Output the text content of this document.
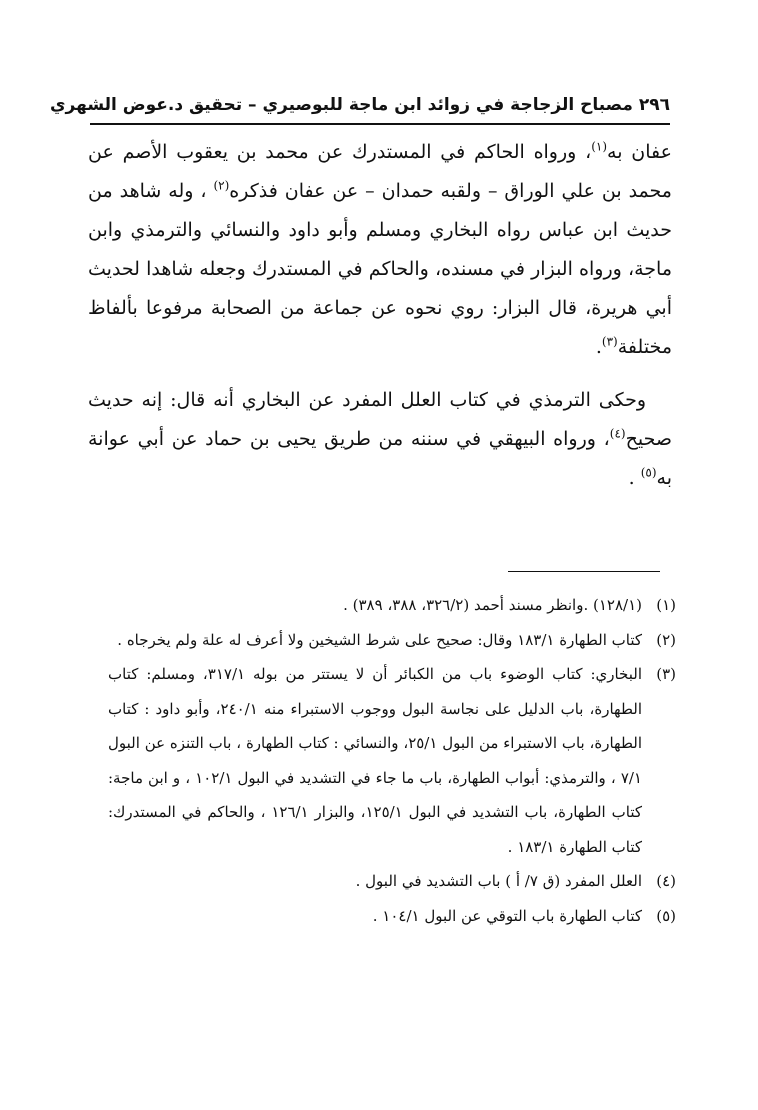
٢٩٦ مصباح الزجاجة في زوائد ابن ماجة للبوصيري – تحقيق د.عوض الشهري

عفان به$^{(١)}$، ورواه الحاكم في المستدرك عن محمد بن يعقوب الأصم عن محمد بن علي الوراق – ولقبه حمدان – عن عفان فذكره$^{(٢)}$ ، وله شاهد من حديث ابن عباس رواه البخاري ومسلم وأبو داود والنسائي والترمذي وابن ماجة، ورواه البزار في مسنده، والحاكم في المستدرك وجعله شاهدا لحديث أبي هريرة، قال البزار: روي نحوه عن جماعة من الصحابة مرفوعا بألفاظ مختلفة$^{(٣)}$.

وحكى الترمذي في كتاب العلل المفرد عن البخاري أنه قال: إنه حديث صحيح$^{(٤)}$، ورواه البيهقي في سننه من طريق يحيى بن حماد عن أبي عوانة به$^{(٥)}$ .

(١)
(١٢٨/١) .وانظر مسند أحمد (٣٢٦/٢، ٣٨٨، ٣٨٩) .
(٢)
كتاب الطهارة ١٨٣/١ وقال: صحيح على شرط الشيخين ولا أعرف له علة ولم يخرجاه .
(٣)
البخاري: كتاب الوضوء باب من الكبائر أن لا يستتر من بوله ٣١٧/١، ومسلم: كتاب الطهارة، باب الدليل على نجاسة البول ووجوب الاستبراء منه ٢٤٠/١، وأبو داود : كتاب الطهارة، باب الاستبراء من البول ٢٥/١، والنسائي : كتاب الطهارة ، باب التنزه عن البول ٧/١ ، والترمذي: أبواب الطهارة، باب ما جاء في التشديد في البول ١٠٢/١ ، و ابن ماجة: كتاب الطهارة، باب التشديد في البول ١٢٥/١، والبزار ١٢٦/١ ، والحاكم في المستدرك: كتاب الطهارة ١٨٣/١ .
(٤)
العلل المفرد (ق ٧/ أ ) باب التشديد في البول .
(٥)
كتاب الطهارة باب التوقي عن البول ١٠٤/١ .
